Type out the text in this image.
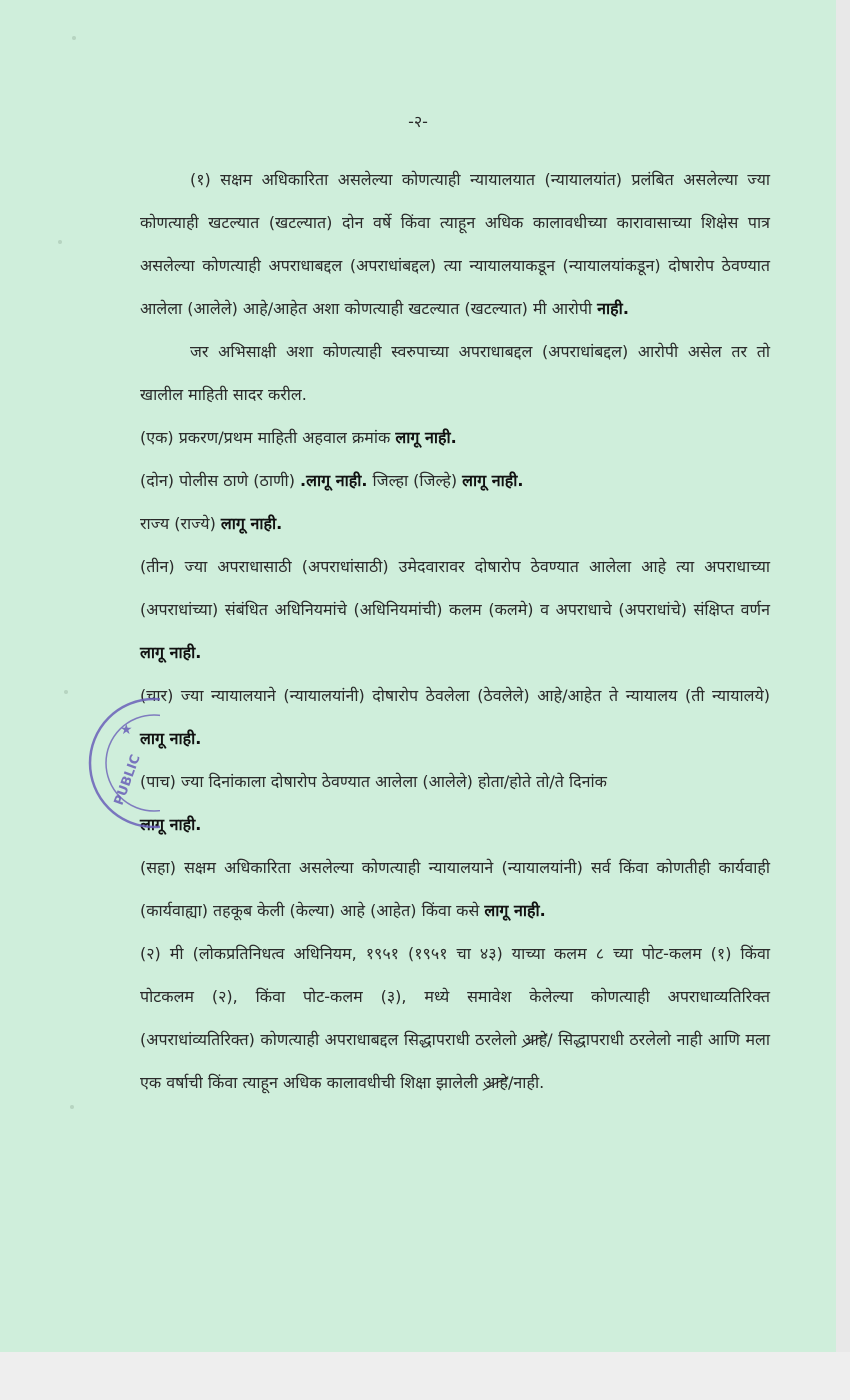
-२-

(१) सक्षम अधिकारिता असलेल्या कोणत्याही न्यायालयात (न्यायालयांत) प्रलंबित असलेल्या ज्या कोणत्याही खटल्यात (खटल्यात) दोन वर्षे किंवा त्याहून अधिक कालावधीच्या कारावासाच्या शिक्षेस पात्र असलेल्या कोणत्याही अपराधाबद्दल (अपराधांबद्दल) त्या न्यायालयाकडून (न्यायालयांकडून) दोषारोप ठेवण्यात आलेला (आलेले) आहे/आहेत अशा कोणत्याही खटल्यात (खटल्यात) मी आरोपी नाही.

जर अभिसाक्षी अशा कोणत्याही स्वरुपाच्या अपराधाबद्दल (अपराधांबद्दल) आरोपी असेल तर तो खालील माहिती सादर करील.

(एक) प्रकरण/प्रथम माहिती अहवाल क्रमांक लागू नाही.

(दोन) पोलीस ठाणे (ठाणी) .लागू नाही. जिल्हा (जिल्हे) लागू नाही.

राज्य (राज्ये) लागू नाही.

(तीन) ज्या अपराधासाठी (अपराधांसाठी) उमेदवारावर दोषारोप ठेवण्यात आलेला आहे त्या अपराधाच्या (अपराधांच्या) संबंधित अधिनियमांचे (अधिनियमांची) कलम (कलमे) व अपराधाचे (अपराधांचे) संक्षिप्त वर्णन लागू नाही.

(चार) ज्या न्यायालयाने (न्यायालयांनी) दोषारोप ठेवलेला (ठेवलेले) आहे/आहेत ते न्यायालय (ती न्यायालये) लागू नाही.

(पाच) ज्या दिनांकाला दोषारोप ठेवण्यात आलेला (आलेले) होता/होते तो/ते दिनांक
लागू नाही.

(सहा) सक्षम अधिकारिता असलेल्या कोणत्याही न्यायालयाने (न्यायालयांनी) सर्व किंवा कोणतीही कार्यवाही (कार्यवाह्या) तहकूब केली (केल्या) आहे (आहेत) किंवा कसे लागू नाही.

(२) मी (लोकप्रतिनिधत्व अधिनियम, १९५१ (१९५१ चा ४३) याच्या कलम ८ च्या पोट-कलम (१) किंवा पोटकलम (२), किंवा पोट-कलम (३), मध्ये समावेश केलेल्या कोणत्याही अपराधाव्यतिरिक्त (अपराधांव्यतिरिक्त) कोणत्याही अपराधाबद्दल सिद्धापराधी ठरलेलो आहे/ सिद्धापराधी ठरलेलो नाही आणि मला एक वर्षाची किंवा त्याहून अधिक कालावधीची शिक्षा झालेली आहे/नाही.

★
PUBLIC
